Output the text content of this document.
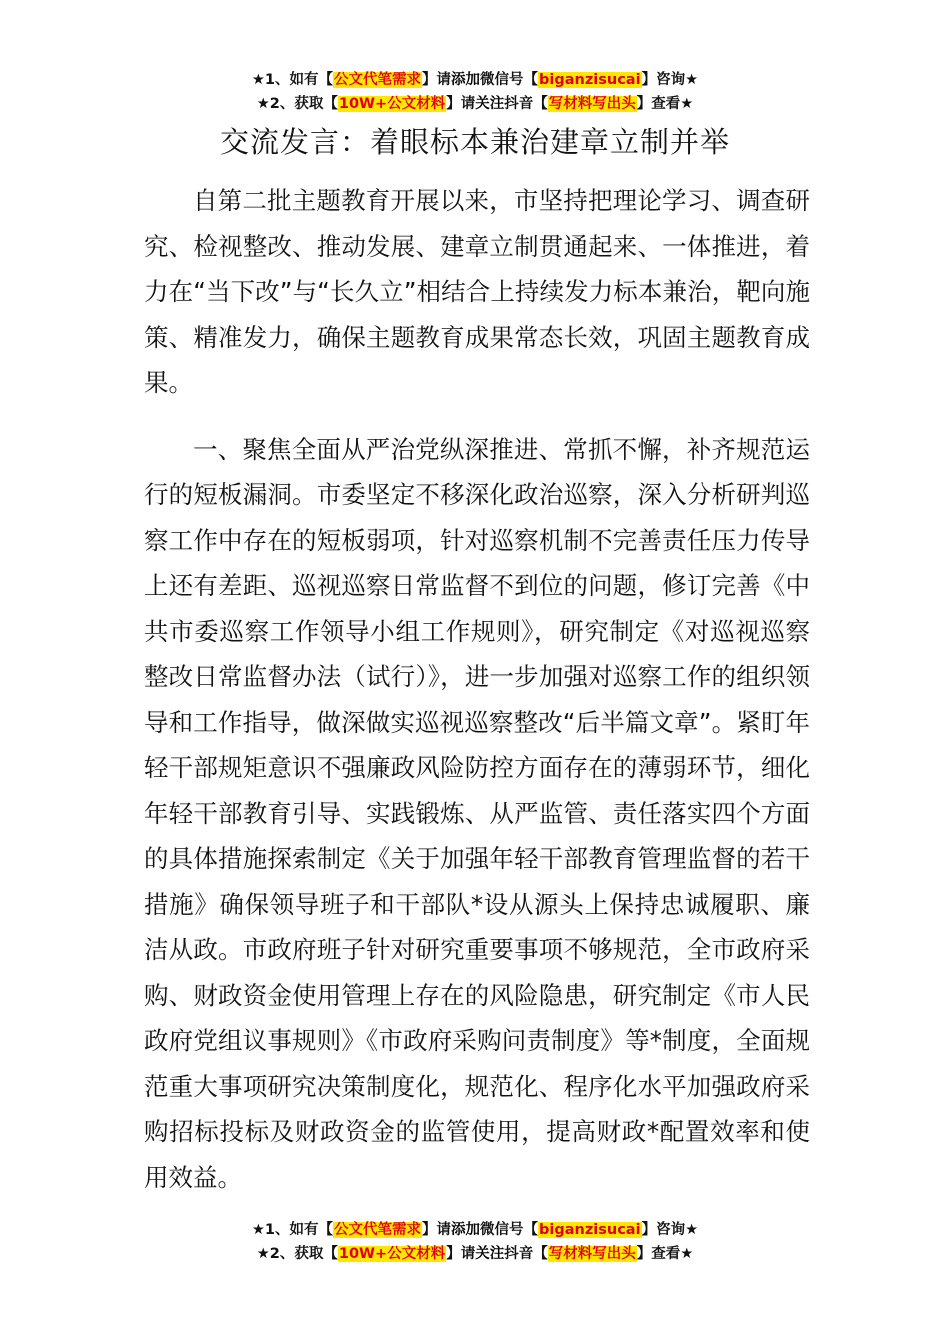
★1、如有【公文代笔需求】请添加微信号【biganzisucai】咨询★
★2、获取【10W+公文材料】请关注抖音【写材料写出头】查看★
交流发言：着眼标本兼治建章立制并举

自第二批主题教育开展以来，市坚持把理论学习、调查研究、检视整改、推动发展、建章立制贯通起来、一体推进，着力在“当下改”与“长久立”相结合上持续发力标本兼治，靶向施策、精准发力，确保主题教育成果常态长效，巩固主题教育成果。

一、聚焦全面从严治党纵深推进、常抓不懈，补齐规范运行的短板漏洞。市委坚定不移深化政治巡察，深入分析研判巡察工作中存在的短板弱项，针对巡察机制不完善责任压力传导上还有差距、巡视巡察日常监督不到位的问题，修订完善《中共市委巡察工作领导小组工作规则》，研究制定《对巡视巡察整改日常监督办法（试行）》，进一步加强对巡察工作的组织领导和工作指导，做深做实巡视巡察整改“后半篇文章”。紧盯年轻干部规矩意识不强廉政风险防控方面存在的薄弱环节，细化年轻干部教育引导、实践锻炼、从严监管、责任落实四个方面的具体措施探索制定《关于加强年轻干部教育管理监督的若干措施》确保领导班子和干部队*设从源头上保持忠诚履职、廉洁从政。市政府班子针对研究重要事项不够规范，全市政府采购、财政资金使用管理上存在的风险隐患，研究制定《市人民政府党组议事规则》《市政府采购问责制度》等*制度，全面规范重大事项研究决策制度化，规范化、程序化水平加强政府采购招标投标及财政资金的监管使用，提高财政*配置效率和使用效益。

★1、如有【公文代笔需求】请添加微信号【biganzisucai】咨询★
★2、获取【10W+公文材料】请关注抖音【写材料写出头】查看★
